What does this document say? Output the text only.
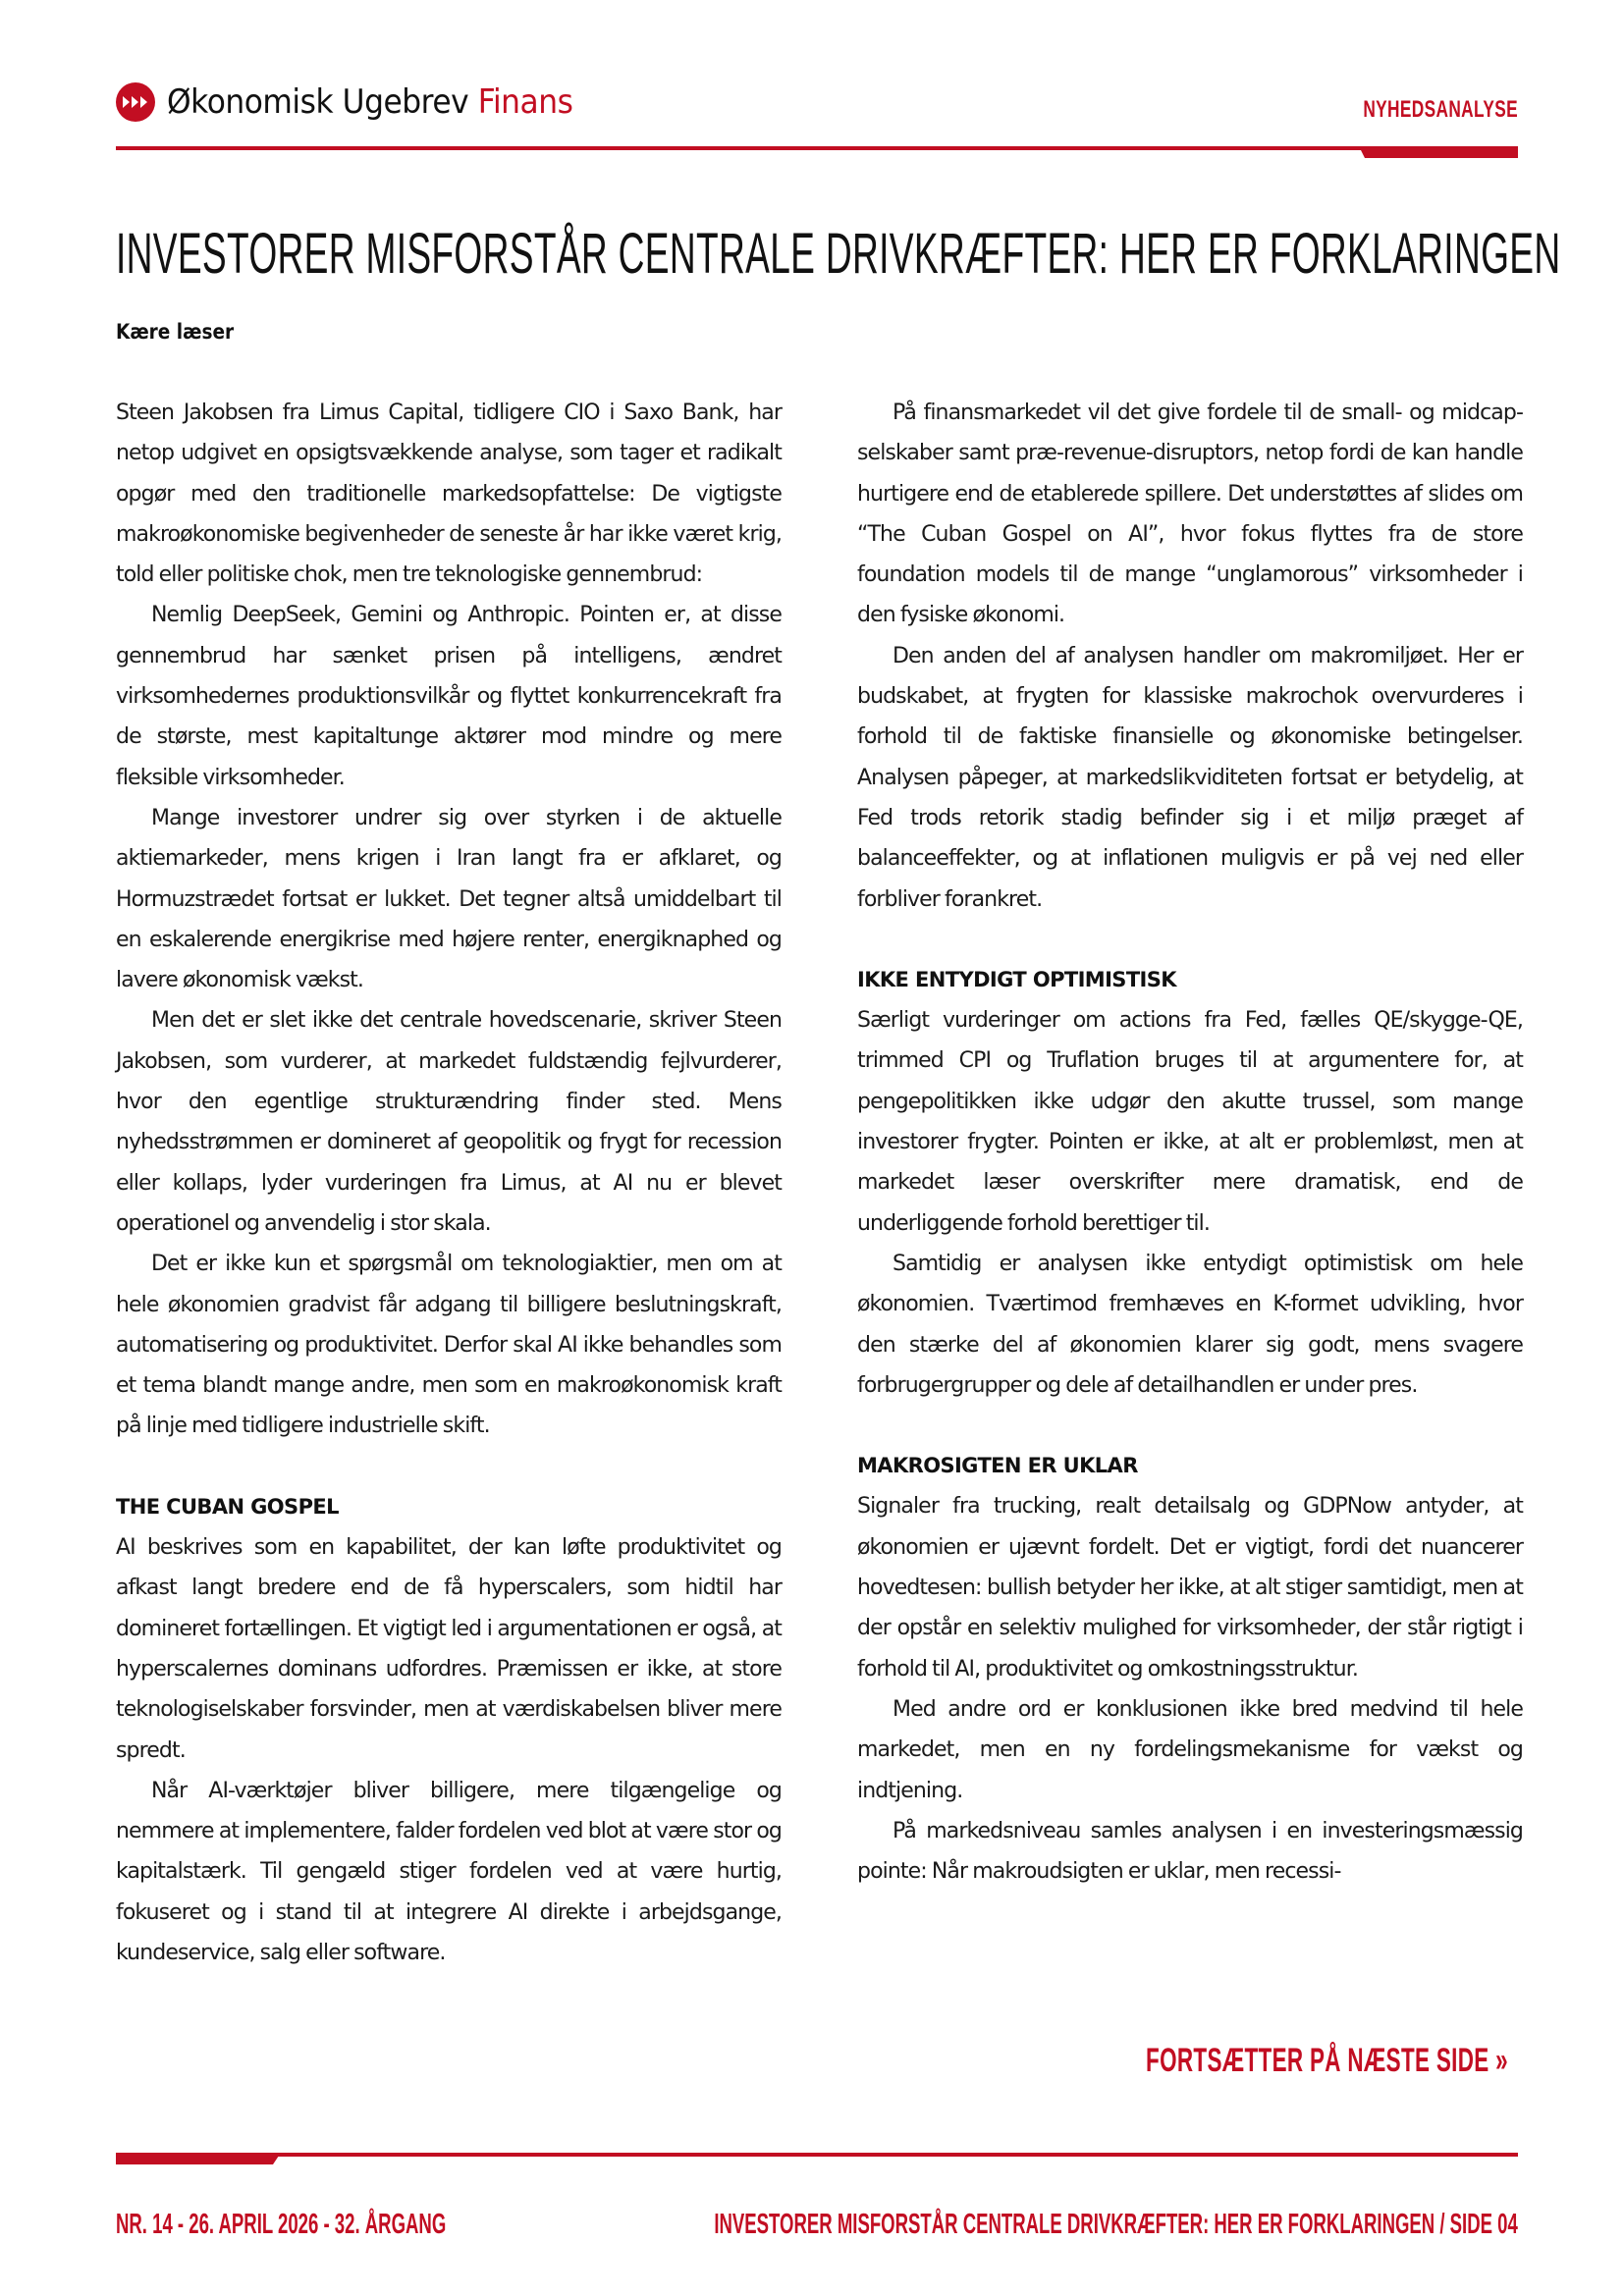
Økonomisk Ugebrev Finans	NYHEDSANALYSE
INVESTORER MISFORSTÅR CENTRALE DRIVKRÆFTER: HER ER FORKLARINGEN
Kære læser

Steen Jakobsen fra Limus Capital, tidligere CIO i Saxo Bank, har netop udgivet en opsigtsvækkende analyse, som tager et radikalt opgør med den traditionelle markedsopfattelse: De vigtigste makroøkonomiske begivenheder de seneste år har ikke været krig, told eller politiske chok, men tre teknologiske gennembrud:

Nemlig DeepSeek, Gemini og Anthropic. Pointen er, at disse gennembrud har sænket prisen på intelligens, ændret virksomhedernes produktionsvilkår og flyttet konkurrencekraft fra de største, mest kapitaltunge aktører mod mindre og mere fleksible virksomheder.

Mange investorer undrer sig over styrken i de aktuelle aktiemarkeder, mens krigen i Iran langt fra er afklaret, og Hormuzstrædet fortsat er lukket. Det tegner altså umiddelbart til en eskalerende energikrise med højere renter, energiknaphed og lavere økonomisk vækst.

Men det er slet ikke det centrale hovedscenarie, skriver Steen Jakobsen, som vurderer, at markedet fuldstændig fejlvurderer, hvor den egentlige strukturændring finder sted. Mens nyhedsstrømmen er domineret af geopolitik og frygt for recession eller kollaps, lyder vurderingen fra Limus, at AI nu er blevet operationel og anvendelig i stor skala.

Det er ikke kun et spørgsmål om teknologiaktier, men om at hele økonomien gradvist får adgang til billigere beslutningskraft, automatisering og produktivitet. Derfor skal AI ikke behandles som et tema blandt mange andre, men som en makroøkonomisk kraft på linje med tidligere industrielle skift.

THE CUBAN GOSPEL

AI beskrives som en kapabilitet, der kan løfte produktivitet og afkast langt bredere end de få hyperscalers, som hidtil har domineret fortællingen. Et vigtigt led i argumentationen er også, at hyperscalernes dominans udfordres. Præmissen er ikke, at store teknologiselskaber forsvinder, men at værdiskabelsen bliver mere spredt.

Når AI-værktøjer bliver billigere, mere tilgængelige og nemmere at implementere, falder fordelen ved blot at være stor og kapitalstærk. Til gengæld stiger fordelen ved at være hurtig, fokuseret og i stand til at integrere AI direkte i arbejdsgange, kundeservice, salg eller software.

På finansmarkedet vil det give fordele til de small- og midcap-selskaber samt præ-revenue-disruptors, netop fordi de kan handle hurtigere end de etablerede spillere. Det understøttes af slides om “The Cuban Gospel on AI”, hvor fokus flyttes fra de store foundation models til de mange “unglamorous” virksomheder i den fysiske økonomi.

Den anden del af analysen handler om makromiljøet. Her er budskabet, at frygten for klassiske makrochok overvurderes i forhold til de faktiske finansielle og økonomiske betingelser. Analysen påpeger, at markedslikviditeten fortsat er betydelig, at Fed trods retorik stadig befinder sig i et miljø præget af balanceeffekter, og at inflationen muligvis er på vej ned eller forbliver forankret.

IKKE ENTYDIGT OPTIMISTISK

Særligt vurderinger om actions fra Fed, fælles QE/skygge-QE, trimmed CPI og Truflation bruges til at argumentere for, at pengepolitikken ikke udgør den akutte trussel, som mange investorer frygter. Pointen er ikke, at alt er problemløst, men at markedet læser overskrifter mere dramatisk, end de underliggende forhold berettiger til.

Samtidig er analysen ikke entydigt optimistisk om hele økonomien. Tværtimod fremhæves en K-formet udvikling, hvor den stærke del af økonomien klarer sig godt, mens svagere forbrugergrupper og dele af detailhandlen er under pres.

MAKROSIGTEN ER UKLAR

Signaler fra trucking, realt detailsalg og GDPNow antyder, at økonomien er ujævnt fordelt. Det er vigtigt, fordi det nuancerer hovedtesen: bullish betyder her ikke, at alt stiger samtidigt, men at der opstår en selektiv mulighed for virksomheder, der står rigtigt i forhold til AI, produktivitet og omkostningsstruktur.

Med andre ord er konklusionen ikke bred medvind til hele markedet, men en ny fordelingsmekanisme for vækst og indtjening.

På markedsniveau samles analysen i en investeringsmæssig pointe: Når makroudsigten er uklar, men recessi-

FORTSÆTTER PÅ NÆSTE SIDE »
NR. 14 - 26. APRIL 2026 - 32. ÅRGANG	INVESTORER MISFORSTÅR CENTRALE DRIVKRÆFTER: HER ER FORKLARINGEN / SIDE 04
